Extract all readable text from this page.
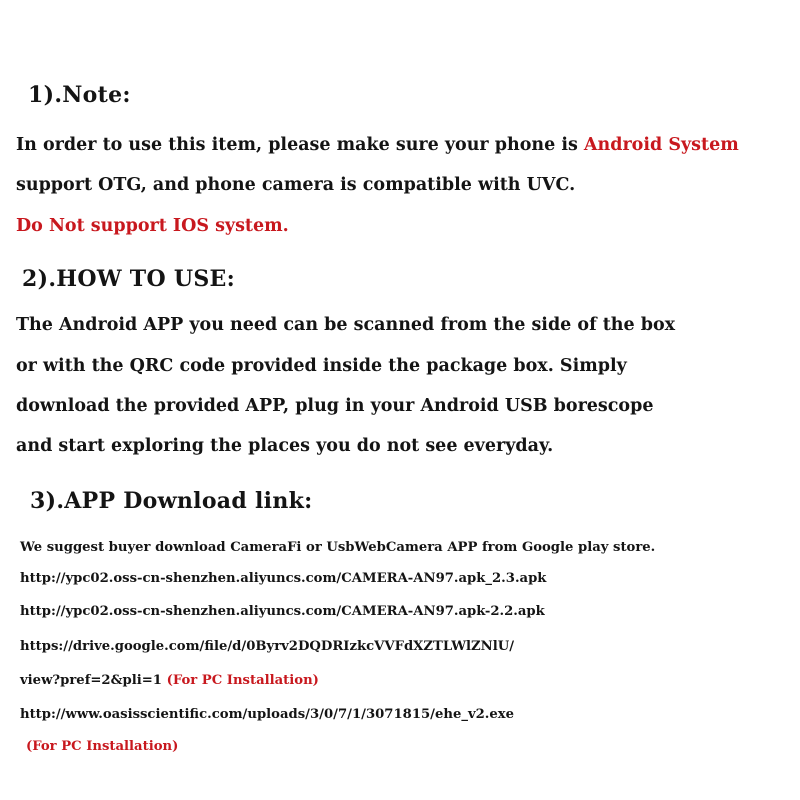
1).Note:
In order to use this item, please make sure your phone is Android System
support OTG, and phone camera is compatible with UVC.
Do Not support IOS system.
2).HOW TO USE:
The Android APP you need can be scanned from the side of the box
or with the QRC code provided inside the package box. Simply
download the provided APP, plug in your Android USB borescope
and start exploring the places you do not see everyday.
3).APP Download link:
We suggest buyer download CameraFi or UsbWebCamera APP from Google play store.
http://ypc02.oss-cn-shenzhen.aliyuncs.com/CAMERA-AN97.apk_2.3.apk
http://ypc02.oss-cn-shenzhen.aliyuncs.com/CAMERA-AN97.apk-2.2.apk
https://drive.google.com/file/d/0Byrv2DQDRIzkcVVFdXZTLWlZNlU/
view?pref=2&pli=1 (For PC Installation)
http://www.oasisscientific.com/uploads/3/0/7/1/3071815/ehe_v2.exe
(For PC Installation)
